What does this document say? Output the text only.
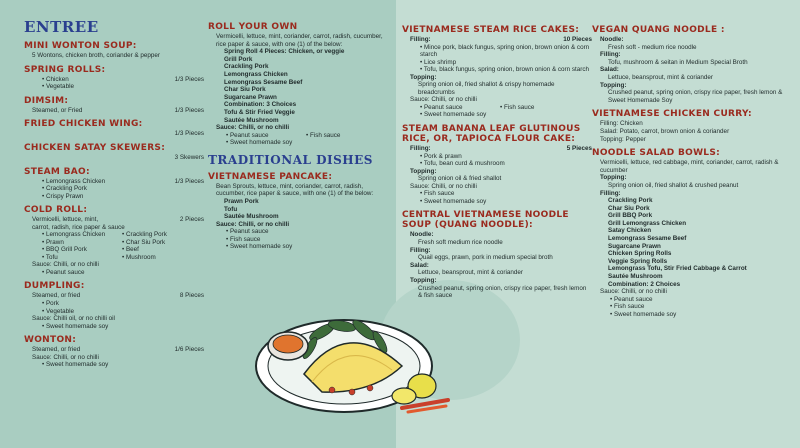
ENTREE
MINI WONTON SOUP:
5 Wontons, chicken broth, coriander & pepper
SPRING ROLLS:
• Chicken	1/3 Pieces
• Vegetable
DIMSIM:
Steamed, or Fried	1/3 Pieces
FRIED CHICKEN WING:
1/3 Pieces
CHICKEN SATAY SKEWERS:
3 Skewers
STEAM BAO:
• Lemongrass Chicken	1/3 Pieces
• Crackling Pork
• Crispy Prawn
COLD ROLL:
Vermicelli, lettuce, mint,	2 Pieces
carrot, radish, rice paper & sauce
• Lemongrass Chicken	• Crackling Pork
• Prawn	• Char Siu Pork
• BBQ Grill Pork	• Beef
• Tofu	• Mushroom
Sauce: Chilli, or no chilli
• Peanut sauce
DUMPLING:
Steamed, or fried	8 Pieces
• Pork
• Vegetable
Sauce: Chilli oil, or no chilli oil
• Sweet homemade soy
WONTON:
Steamed, or fried	1/6 Pieces
Sauce: Chilli, or no chilli
• Sweet homemade soy
ROLL YOUR OWN
Vermicelli, lettuce, mint, coriander, carrot, radish, cucumber, rice paper & sauce, with one (1) of the below:
Spring Roll 4 Pieces: Chicken, or veggie
Grill Pork
Crackling Pork
Lemongrass Chicken
Lemongrass Sesame Beef
Char Siu Pork
Sugarcane Prawn
Combination: 3 Choices
Tofu & Stir Fried Veggie
Sautée Mushroom
Sauce: Chilli, or no chilli
• Peanut sauce	• Fish sauce
• Sweet homemade soy
TRADITIONAL DISHES
VIETNAMESE PANCAKE:
Bean Sprouts, lettuce, mint, coriander, carrot, radish, cucumber, rice paper & sauce, with one (1) of the below:
Prawn Pork
Tofu
Sautée Mushroom
Sauce: Chilli, or no chilli
• Peanut sauce
• Fish sauce
• Sweet homemade soy
VIETNAMESE STEAM RICE CAKES:
Filling:	10 Pieces
• Mince pork, black fungus, spring onion, brown onion & corn starch
• Lice shrimp
• Tofu, black fungus, spring onion, brown onion & corn starch
Topping:
Spring onion oil, fried shallot & crispy homemade breadcrumbs
Sauce: Chilli, or no chilli
• Peanut sauce	• Fish sauce
• Sweet homemade soy
STEAM BANANA LEAF GLUTINOUS RICE, OR, TAPIOCA FLOUR CAKE:
Filling:	5 Pieces
• Pork & prawn
• Tofu, bean curd & mushroom
Topping:
Spring onion oil & fried shallot
Sauce: Chilli, or no chilli
• Fish sauce
• Sweet homemade soy
CENTRAL VIETNAMESE NOODLE SOUP (QUANG NOODLE):
Noodle:
Fresh soft medium rice noodle
Filling:
Quail eggs, prawn, pork in medium special broth
Salad:
Lettuce, beansprout, mint & coriander
Topping:
Crushed peanut, spring onion, crispy rice paper, fresh lemon & fish sauce
VEGAN QUANG NOODLE :
Noodle:
Fresh soft - medium rice noodle
Filling:
Tofu, mushroom & seitan in Medium Special Broth
Salad:
Lettuce, beansprout, mint & coriander
Topping:
Crushed peanut, spring onion, crispy rice paper, fresh lemon & Sweet Homemade Soy
VIETNAMESE CHICKEN CURRY:
Filling: Chicken
Salad: Potato, carrot, brown onion & coriander
Topping: Pepper
NOODLE SALAD BOWLS:
Vermicelli, lettuce, red cabbage, mint, coriander, carrot, radish & cucumber
Topping:
Spring onion oil, fried shallot & crushed peanut
Filling:
Crackling Pork
Char Siu Pork
Grill BBQ Pork
Grill Lemongrass Chicken
Satay Chicken
Lemongrass Sesame Beef
Sugarcane Prawn
Chicken Spring Rolls
Veggie Spring Rolls
Lemongrass Tofu, Stir Fried Cabbage & Carrot
Sautée Mushroom
Combination: 2 Choices
Sauce: Chilli, or no chilli
• Peanut sauce
• Fish sauce
• Sweet homemade soy
